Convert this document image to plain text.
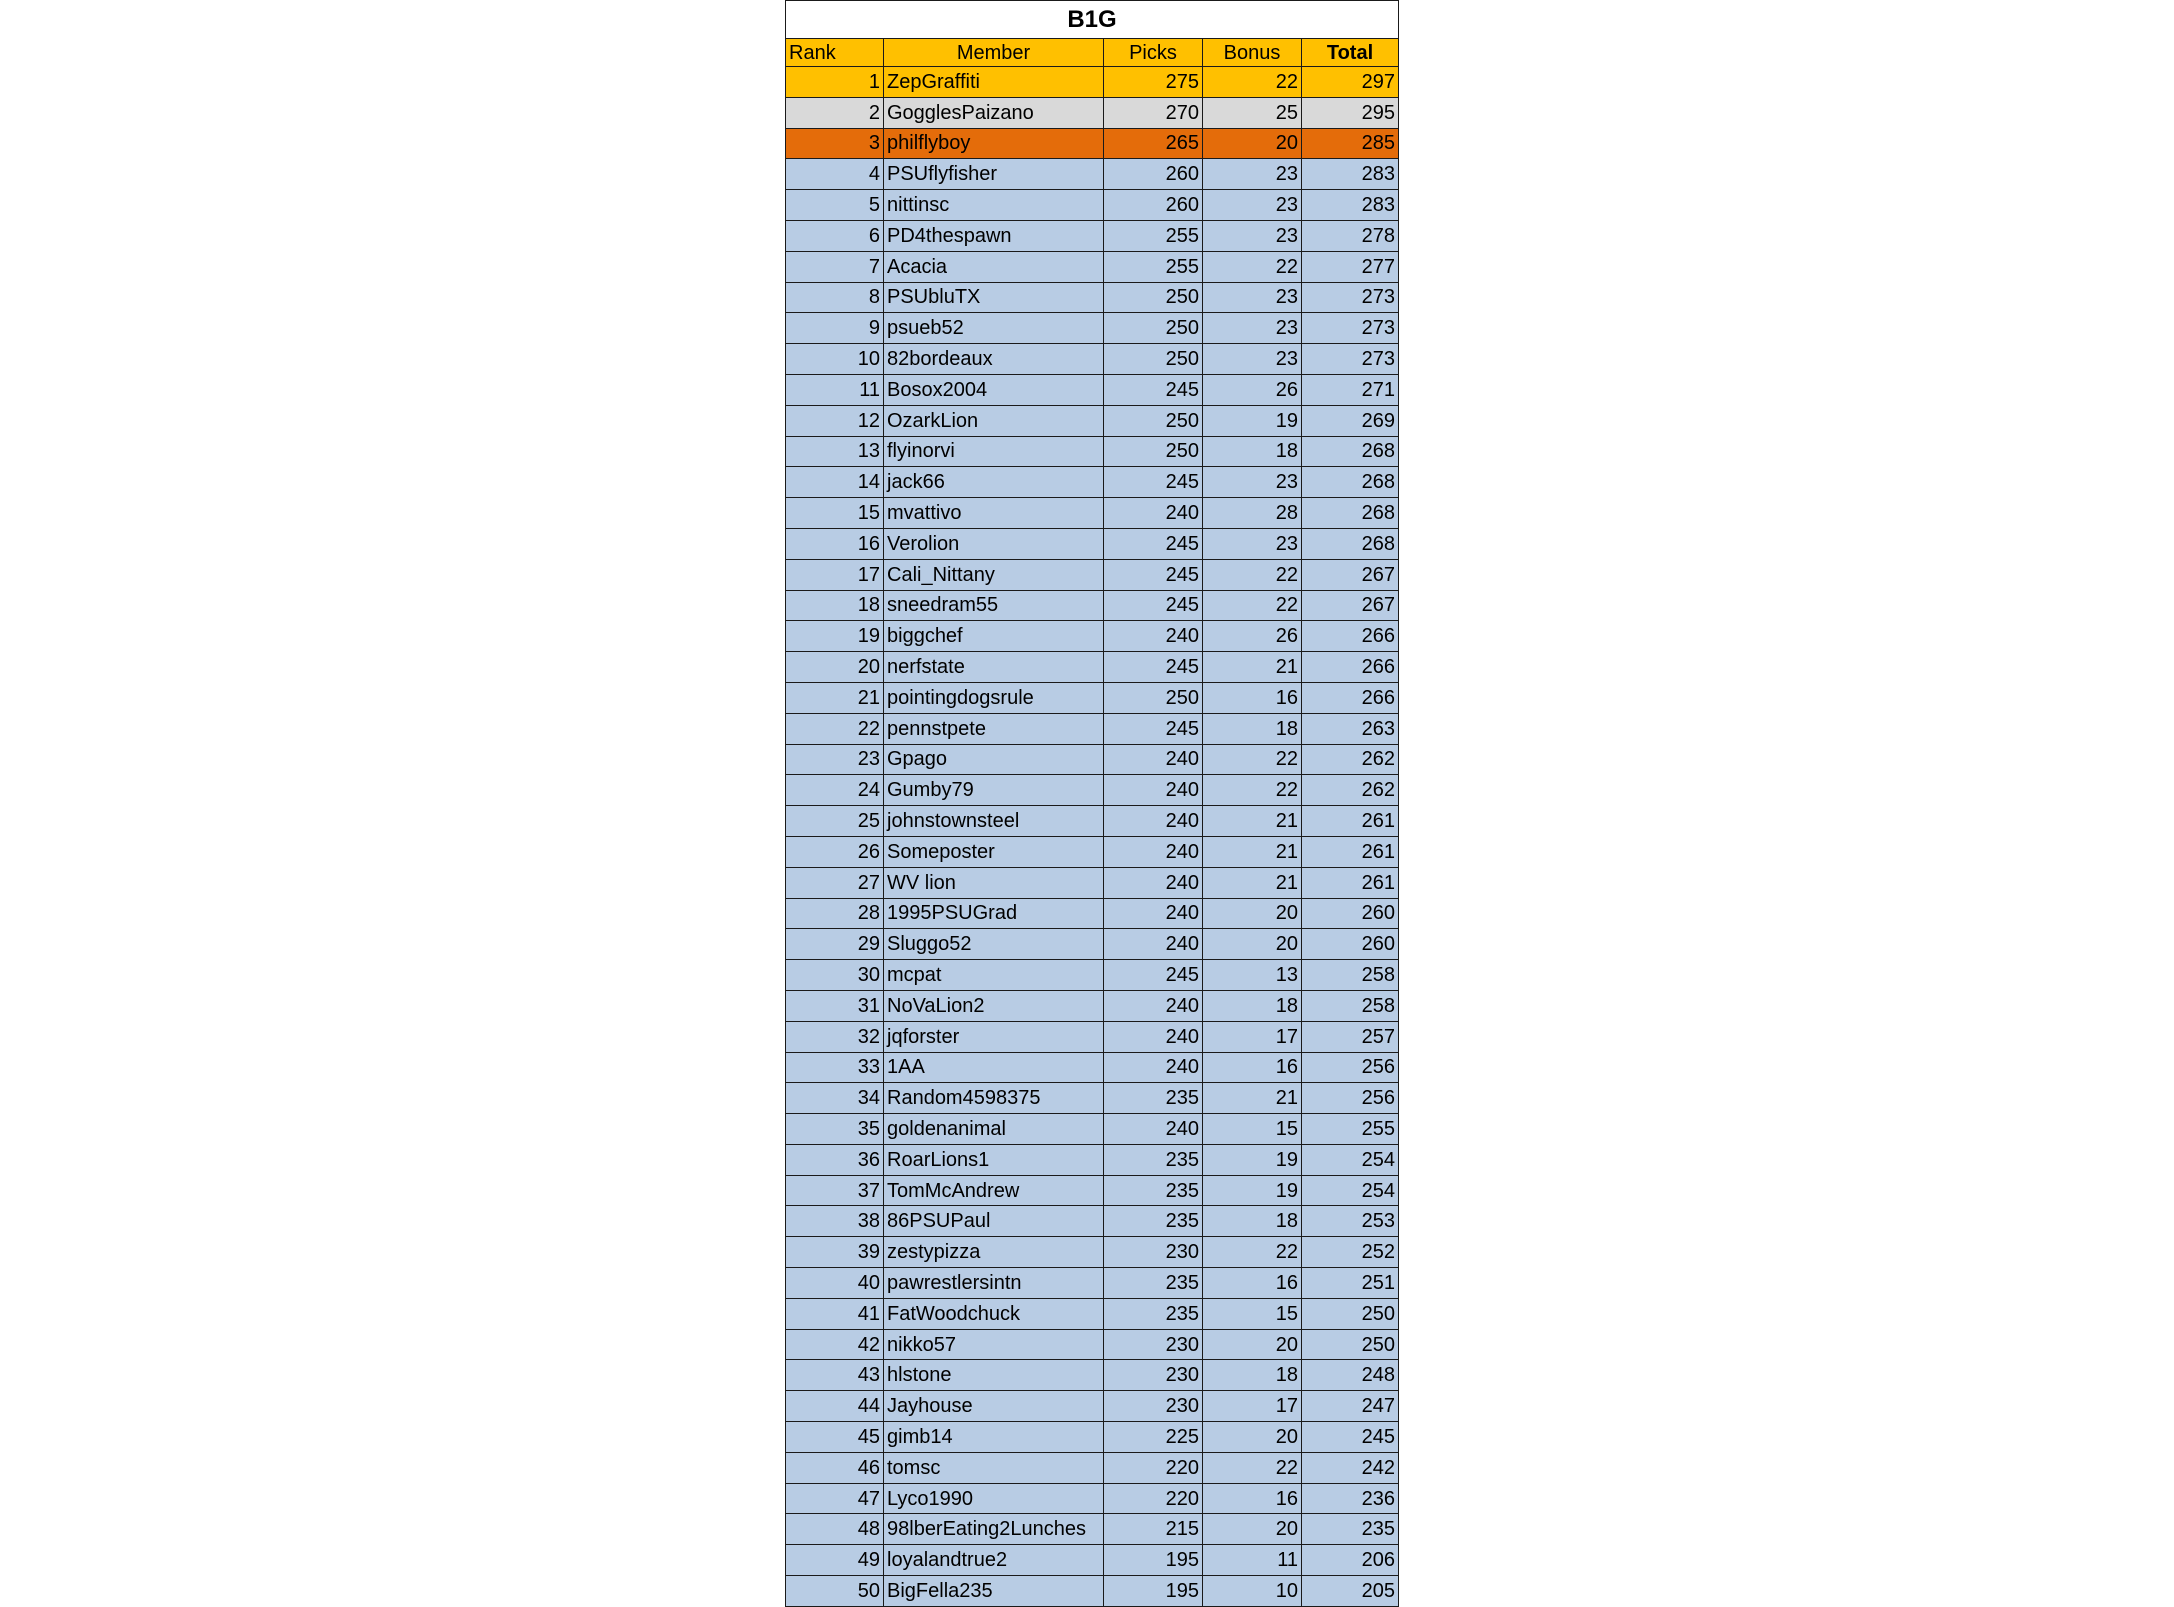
B1G				
Rank	Member	Picks	Bonus	Total
1	ZepGraffiti	275	22	297
2	GogglesPaizano	270	25	295
3	philflyboy	265	20	285
4	PSUflyfisher	260	23	283
5	nittinsc	260	23	283
6	PD4thespawn	255	23	278
7	Acacia	255	22	277
8	PSUbluTX	250	23	273
9	psueb52	250	23	273
10	82bordeaux	250	23	273
11	Bosox2004	245	26	271
12	OzarkLion	250	19	269
13	flyinorvi	250	18	268
14	jack66	245	23	268
15	mvattivo	240	28	268
16	Verolion	245	23	268
17	Cali_Nittany	245	22	267
18	sneedram55	245	22	267
19	biggchef	240	26	266
20	nerfstate	245	21	266
21	pointingdogsrule	250	16	266
22	pennstpete	245	18	263
23	Gpago	240	22	262
24	Gumby79	240	22	262
25	johnstownsteel	240	21	261
26	Someposter	240	21	261
27	WV lion	240	21	261
28	1995PSUGrad	240	20	260
29	Sluggo52	240	20	260
30	mcpat	245	13	258
31	NoVaLion2	240	18	258
32	jqforster	240	17	257
33	1AA	240	16	256
34	Random4598375	235	21	256
35	goldenanimal	240	15	255
36	RoarLions1	235	19	254
37	TomMcAndrew	235	19	254
38	86PSUPaul	235	18	253
39	zestypizza	230	22	252
40	pawrestlersintn	235	16	251
41	FatWoodchuck	235	15	250
42	nikko57	230	20	250
43	hlstone	230	18	248
44	Jayhouse	230	17	247
45	gimb14	225	20	245
46	tomsc	220	22	242
47	Lyco1990	220	16	236
48	98lberEating2Lunches	215	20	235
49	loyalandtrue2	195	11	206
50	BigFella235	195	10	205
